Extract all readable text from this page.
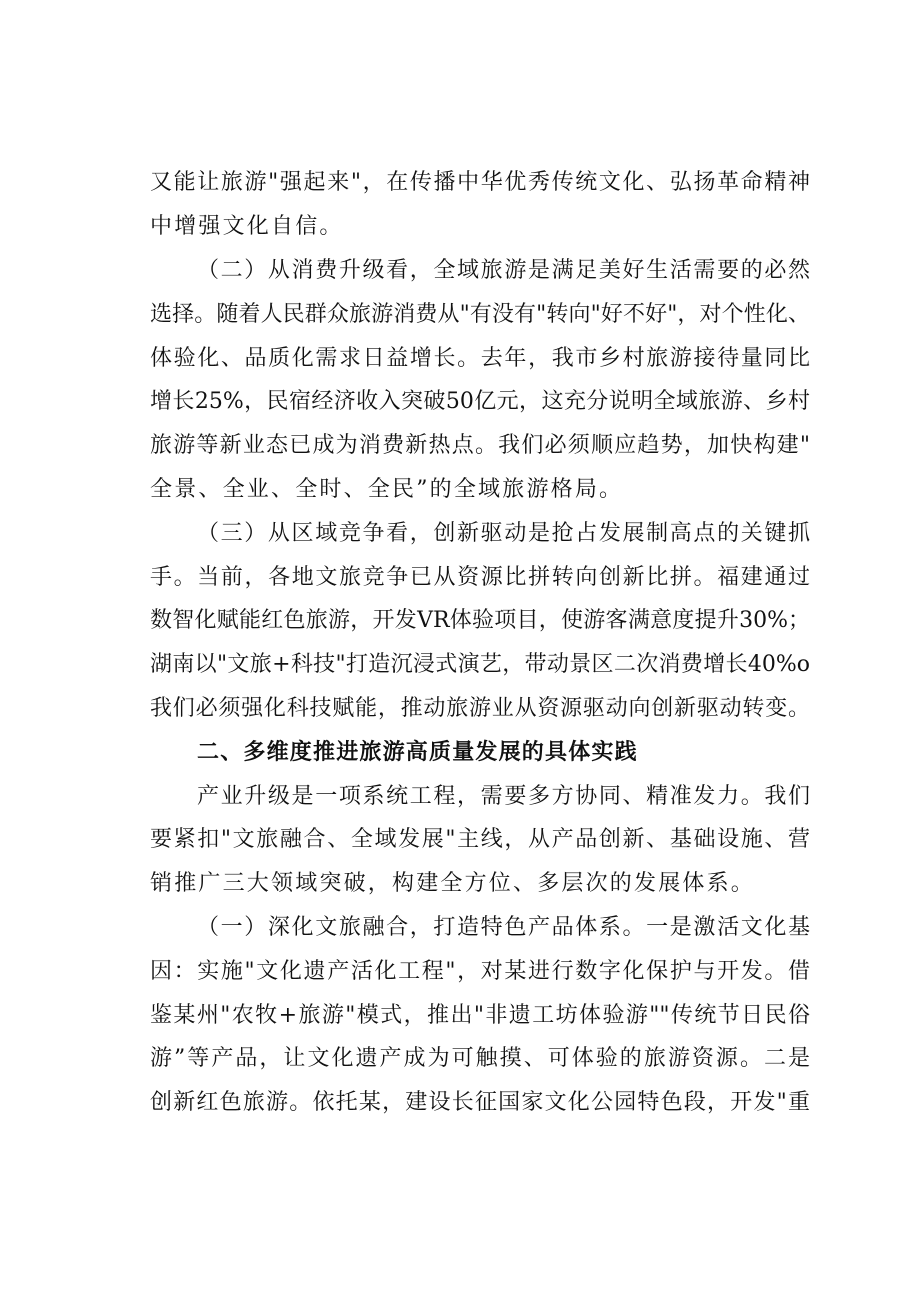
又能让旅游"强起来"，在传播中华优秀传统文化、弘扬革命精神
中增强文化自信。
（二）从消费升级看，全域旅游是满足美好生活需要的必然
选择。随着人民群众旅游消费从"有没有"转向"好不好"，对个性化、
体验化、品质化需求日益增长。去年，我市乡村旅游接待量同比
增长25%，民宿经济收入突破50亿元，这充分说明全域旅游、乡村
旅游等新业态已成为消费新热点。我们必须顺应趋势，加快构建"
全景、全业、全时、全民”的全域旅游格局。
（三）从区域竞争看，创新驱动是抢占发展制高点的关键抓
手。当前，各地文旅竞争已从资源比拼转向创新比拼。福建通过
数智化赋能红色旅游，开发VR体验项目，使游客满意度提升30%；
湖南以"文旅+科技"打造沉浸式演艺，带动景区二次消费增长40%o
我们必须强化科技赋能，推动旅游业从资源驱动向创新驱动转变。
二、多维度推进旅游高质量发展的具体实践
产业升级是一项系统工程，需要多方协同、精准发力。我们
要紧扣"文旅融合、全域发展"主线，从产品创新、基础设施、营
销推广三大领域突破，构建全方位、多层次的发展体系。
（一）深化文旅融合，打造特色产品体系。一是激活文化基
因：实施"文化遗产活化工程"，对某进行数字化保护与开发。借
鉴某州"农牧+旅游"模式，推出"非遗工坊体验游""传统节日民俗
游”等产品，让文化遗产成为可触摸、可体验的旅游资源。二是
创新红色旅游。依托某，建设长征国家文化公园特色段，开发"重
